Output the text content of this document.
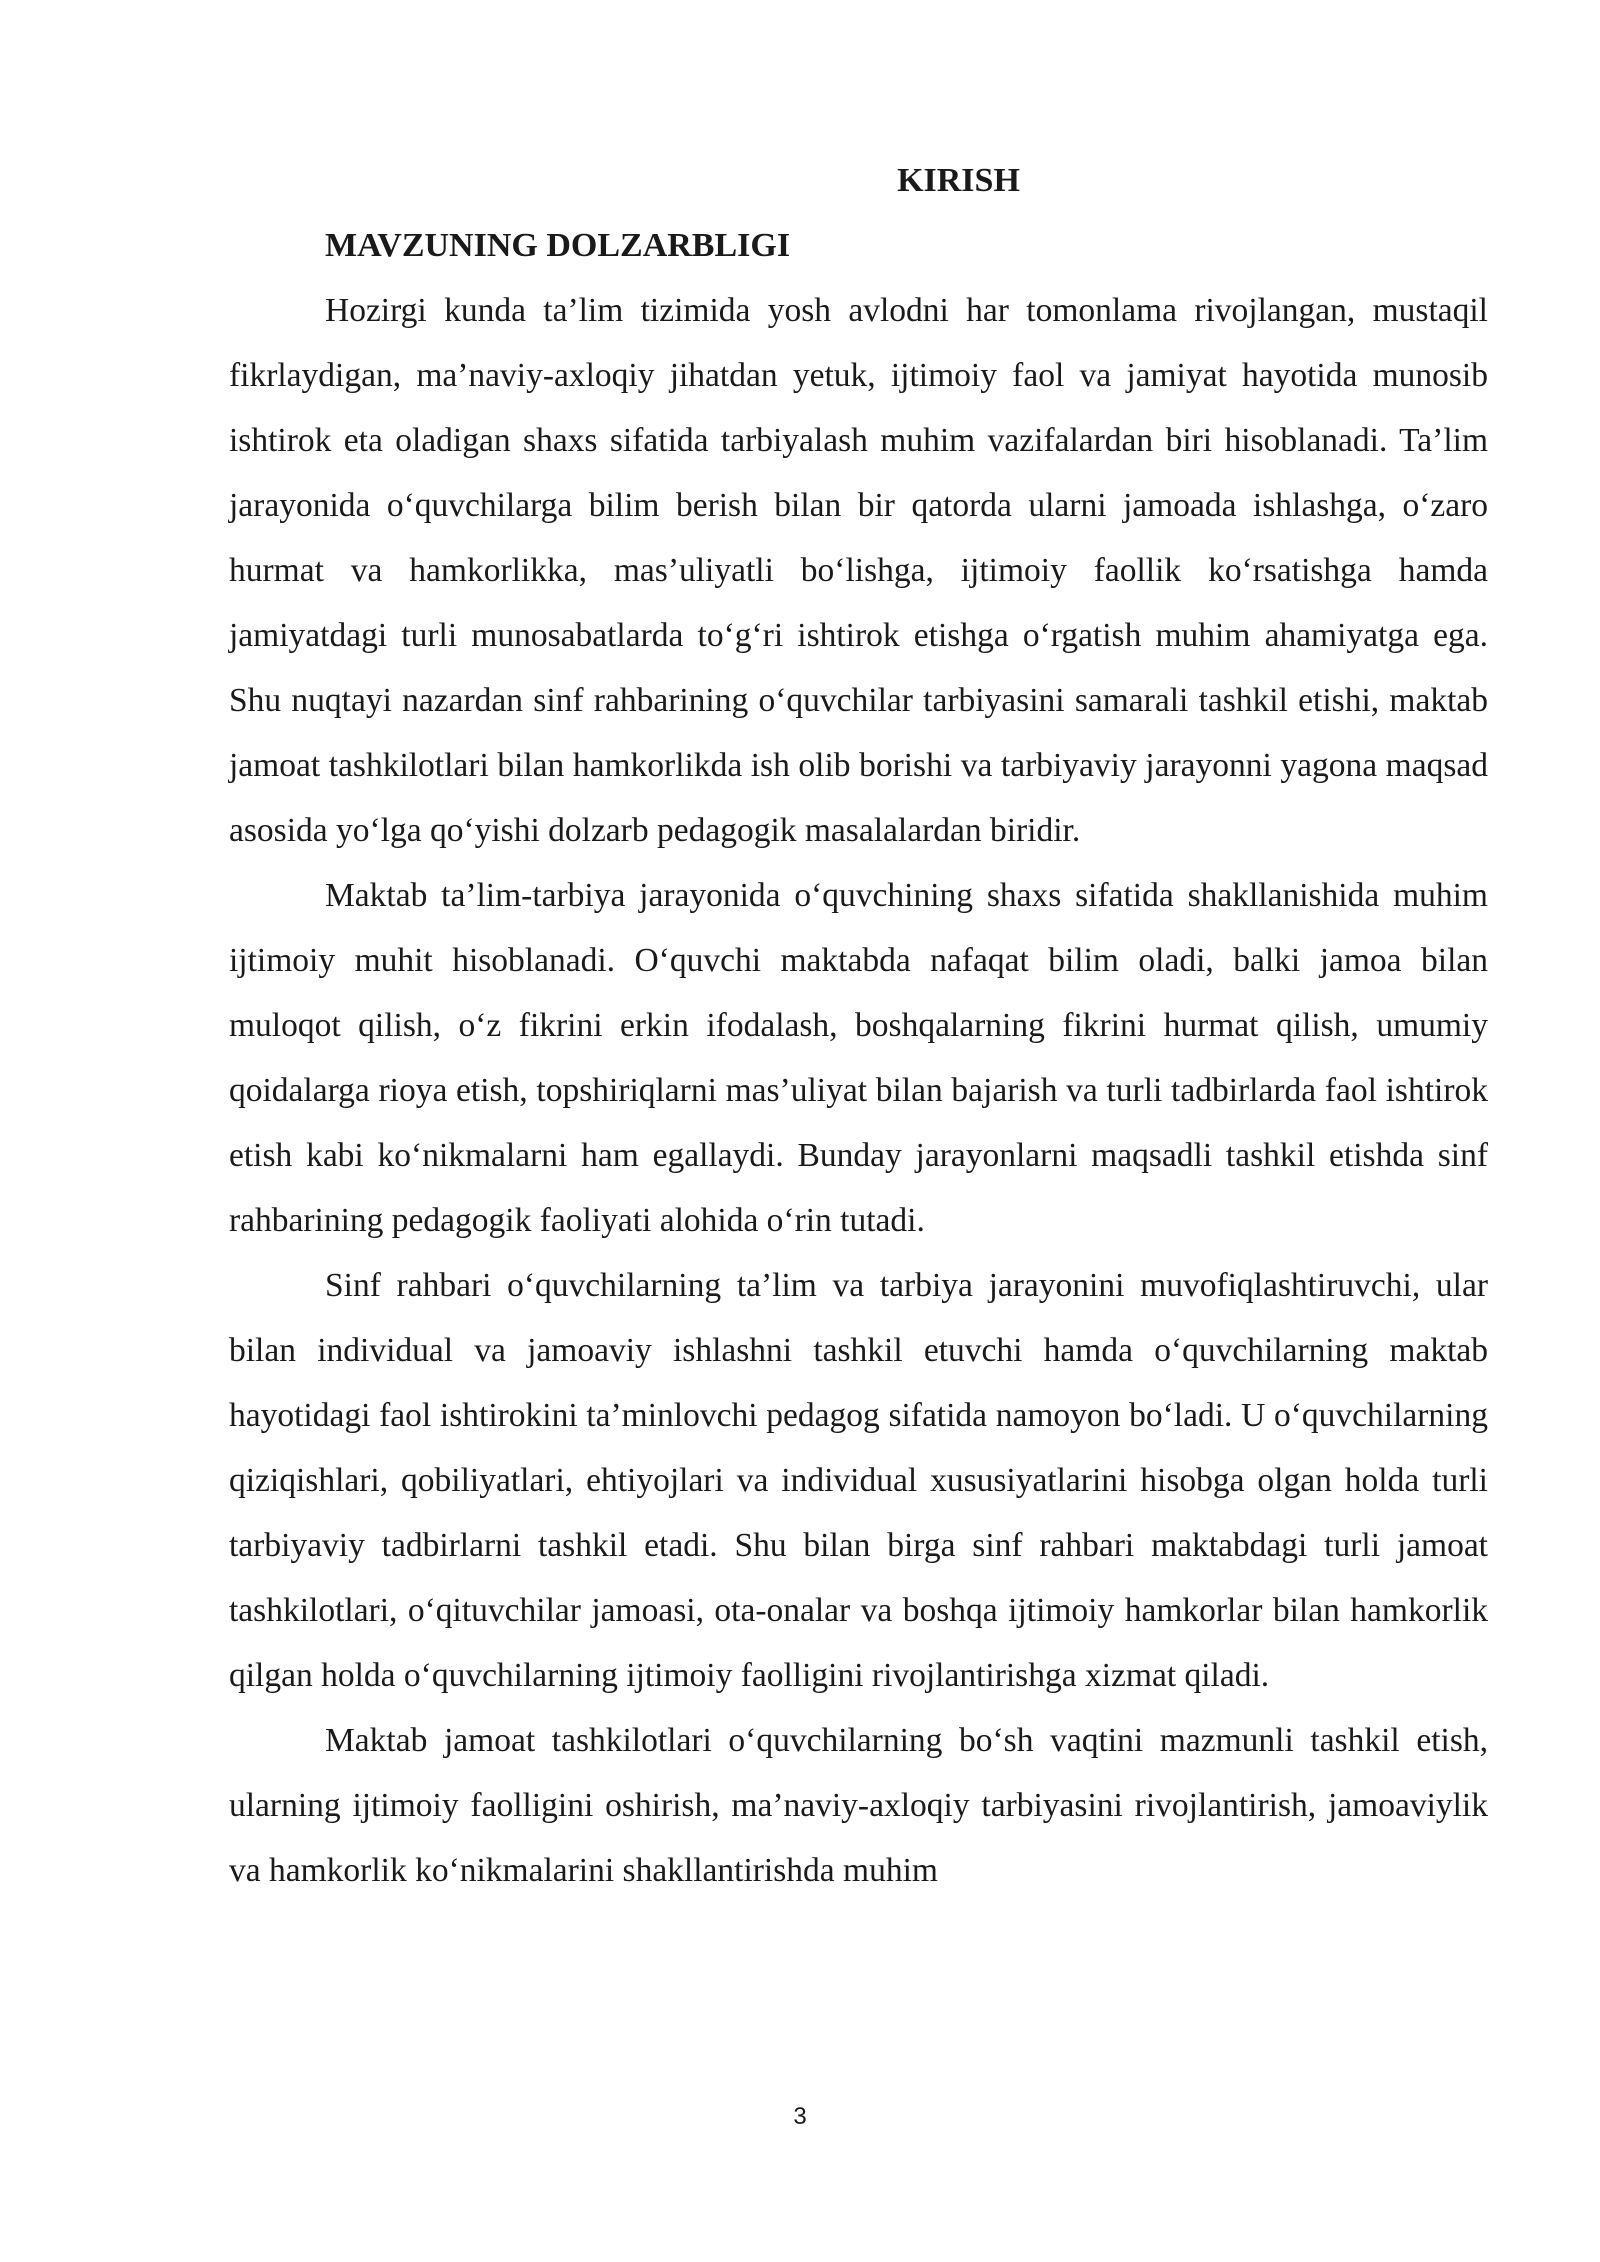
KIRISH

MAVZUNING DOLZARBLIGI

Hozirgi kunda ta’lim tizimida yosh avlodni har tomonlama rivojlangan, mustaqil fikrlaydigan, ma’naviy-axloqiy jihatdan yetuk, ijtimoiy faol va jamiyat hayotida munosib ishtirok eta oladigan shaxs sifatida tarbiyalash muhim vazifalardan biri hisoblanadi. Ta’lim jarayonida o‘quvchilarga bilim berish bilan bir qatorda ularni jamoada ishlashga, o‘zaro hurmat va hamkorlikka, mas’uliyatli bo‘lishga, ijtimoiy faollik ko‘rsatishga hamda jamiyatdagi turli munosabatlarda to‘g‘ri ishtirok etishga o‘rgatish muhim ahamiyatga ega. Shu nuqtayi nazardan sinf rahbarining o‘quvchilar tarbiyasini samarali tashkil etishi, maktab jamoat tashkilotlari bilan hamkorlikda ish olib borishi va tarbiyaviy jarayonni yagona maqsad asosida yo‘lga qo‘yishi dolzarb pedagogik masalalardan biridir.

Maktab ta’lim-tarbiya jarayonida o‘quvchining shaxs sifatida shakllanishida muhim ijtimoiy muhit hisoblanadi. O‘quvchi maktabda nafaqat bilim oladi, balki jamoa bilan muloqot qilish, o‘z fikrini erkin ifodalash, boshqalarning fikrini hurmat qilish, umumiy qoidalarga rioya etish, topshiriqlarni mas’uliyat bilan bajarish va turli tadbirlarda faol ishtirok etish kabi ko‘nikmalarni ham egallaydi. Bunday jarayonlarni maqsadli tashkil etishda sinf rahbarining pedagogik faoliyati alohida o‘rin tutadi.

Sinf rahbari o‘quvchilarning ta’lim va tarbiya jarayonini muvofiqlashtiruvchi, ular bilan individual va jamoaviy ishlashni tashkil etuvchi hamda o‘quvchilarning maktab hayotidagi faol ishtirokini ta’minlovchi pedagog sifatida namoyon bo‘ladi. U o‘quvchilarning qiziqishlari, qobiliyatlari, ehtiyojlari va individual xususiyatlarini hisobga olgan holda turli tarbiyaviy tadbirlarni tashkil etadi. Shu bilan birga sinf rahbari maktabdagi turli jamoat tashkilotlari, o‘qituvchilar jamoasi, ota-onalar va boshqa ijtimoiy hamkorlar bilan hamkorlik qilgan holda o‘quvchilarning ijtimoiy faolligini rivojlantirishga xizmat qiladi.

Maktab jamoat tashkilotlari o‘quvchilarning bo‘sh vaqtini mazmunli tashkil etish, ularning ijtimoiy faolligini oshirish, ma’naviy-axloqiy tarbiyasini rivojlantirish, jamoaviylik va hamkorlik ko‘nikmalarini shakllantirishda muhim

3
